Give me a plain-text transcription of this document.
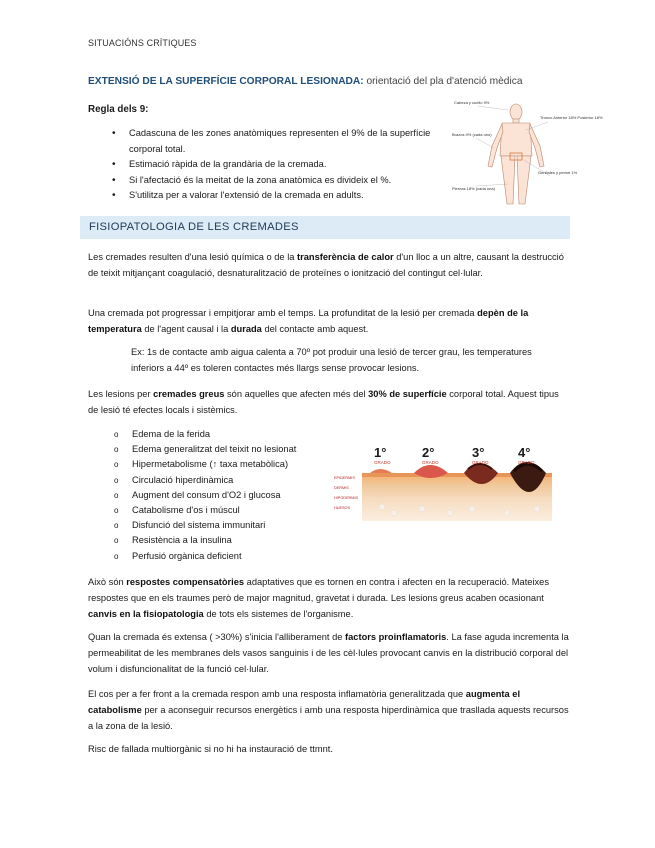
SITUACIÓNS CRÍTIQUES
EXTENSIÓ DE LA SUPERFÍCIE CORPORAL LESIONADA: orientació del pla d'atenció mèdica
Regla dels 9:
• Cadascuna de les zones anatòmiques representen el 9% de la superfície corporal total.
• Estimació ràpida de la grandària de la cremada.
• Si l'afectació és la meitat de la zona anatòmica es divideix el %.
• S'utilitza per a valorar l'extensió de la cremada en adults.
Cabeza y cuello 9%
Tronco Anterior 18% Posterior 18%
Brazos 9% (cada uno)
Genitales y periné 1%
Piernas 18% (cada una)
FISIOPATOLOGIA DE LES CREMADES
Les cremades resulten d'una lesió química o de la transferència de calor d'un lloc a un altre, causant la destrucció de teixit mitjançant coagulació, desnaturalització de proteïnes o ionització del contingut cel·lular.
Una cremada pot progressar i empitjorar amb el temps. La profunditat de la lesió per cremada depèn de la temperatura de l'agent causal i la durada del contacte amb aquest.
Ex: 1s de contacte amb aigua calenta a 70º pot produir una lesió de tercer grau, les temperatures inferiors a 44º es toleren contactes més llargs sense provocar lesions.
Les lesions per cremades greus són aquelles que afecten més del 30% de superfície corporal total. Aquest tipus de lesió té efectes locals i sistèmics.
o Edema de la ferida
o Edema generalitzat del teixit no lesionat
o Hipermetabolisme (↑ taxa metabòlica)
o Circulació hiperdinàmica
o Augment del consum d'O2 i glucosa
o Catabolisme d'os i múscul
o Disfunció del sistema immunitari
o Resistència a la insulina
o Perfusió orgànica deficient
1°	2°	3°	4°
GRADO	GRADO	GRADO	GRADO
EPIDERMIS
DERMIS
HIPODERMIS
HUESOS
Això són respostes compensatòries adaptatives que es tornen en contra i afecten en la recuperació. Mateixes respostes que en els traumes però de major magnitud, gravetat i durada. Les lesions greus acaben ocasionant canvis en la fisiopatologia de tots els sistemes de l'organisme.
Quan la cremada és extensa ( >30%) s'inicia l'alliberament de factors proinflamatoris. La fase aguda incrementa la permeabilitat de les membranes dels vasos sanguinis i de les cèl·lules provocant canvis en la distribució corporal del volum i disfuncionalitat de la funció cel·lular.
El cos per a fer front a la cremada respon amb una resposta inflamatòria generalitzada que augmenta el catabolisme per a aconseguir recursos energètics i amb una resposta hiperdinàmica que trasllada aquests recursos a la zona de la lesió.
Risc de fallada multiorgànic si no hi ha instauració de ttmnt.
